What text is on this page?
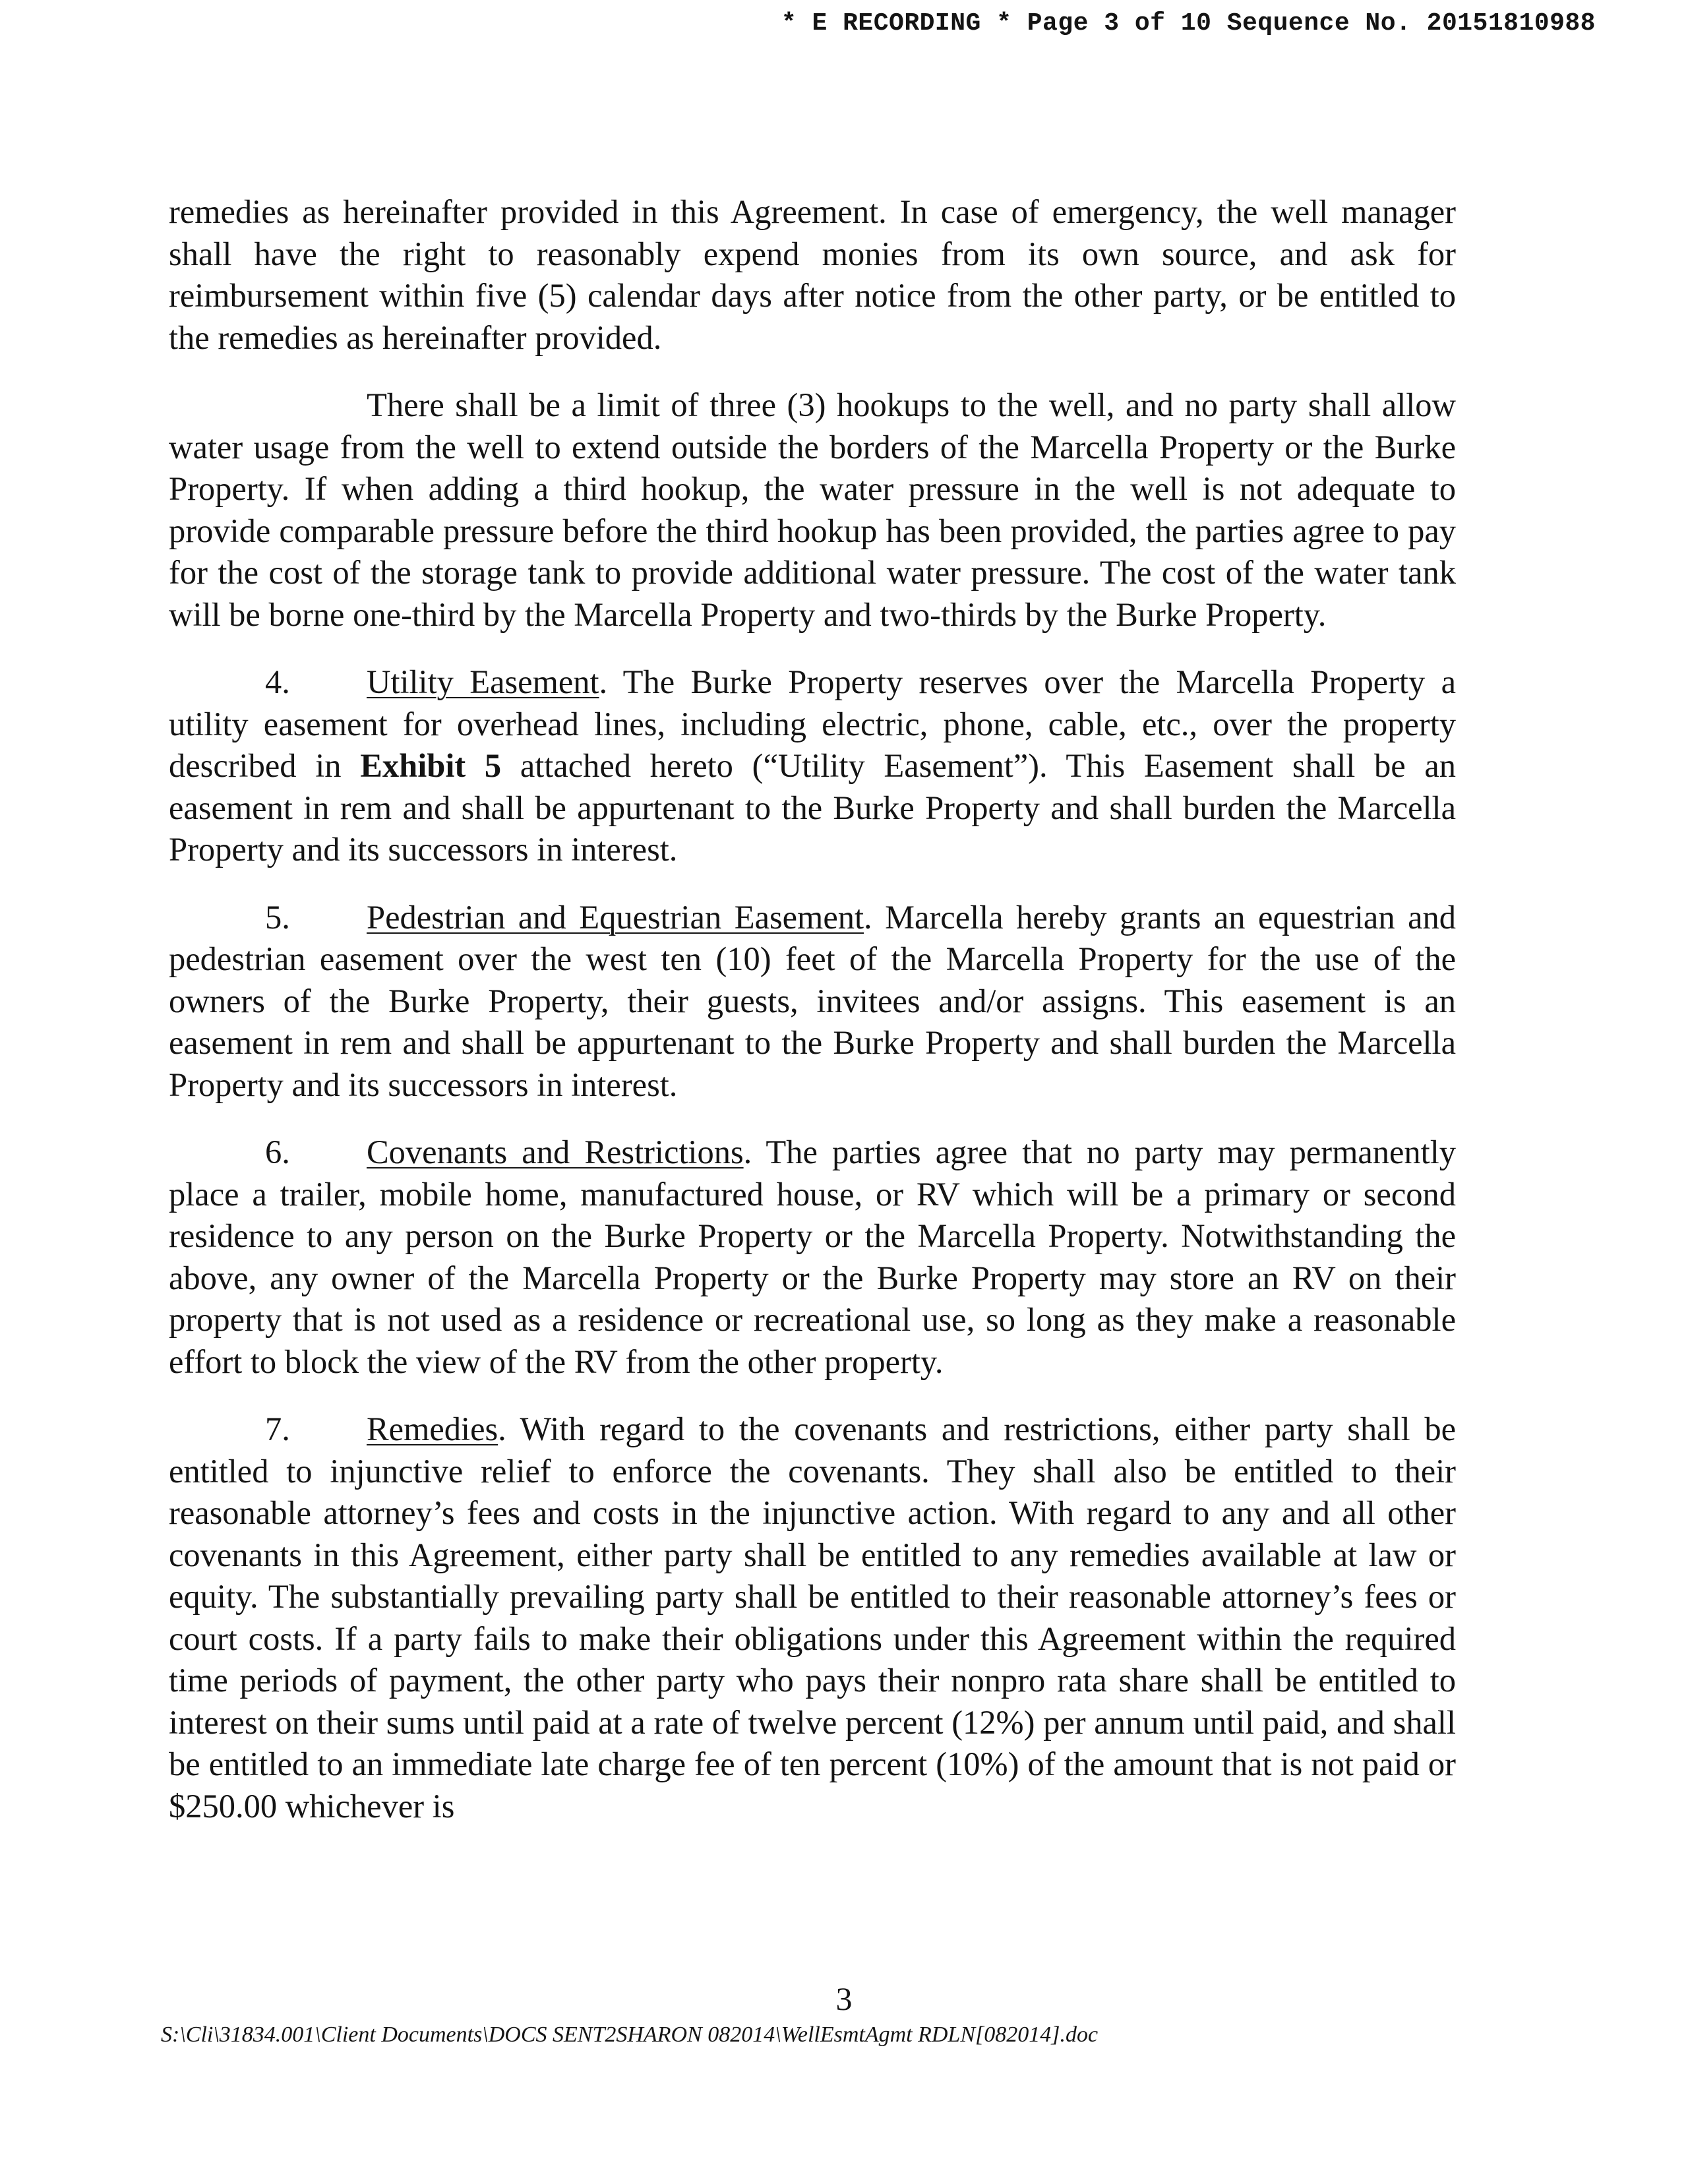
* E RECORDING * Page 3 of 10 Sequence No. 20151810988

remedies as hereinafter provided in this Agreement. In case of emergency, the well manager shall have the right to reasonably expend monies from its own source, and ask for reimbursement within five (5) calendar days after notice from the other party, or be entitled to the remedies as hereinafter provided.

There shall be a limit of three (3) hookups to the well, and no party shall allow water usage from the well to extend outside the borders of the Marcella Property or the Burke Property. If when adding a third hookup, the water pressure in the well is not adequate to provide comparable pressure before the third hookup has been provided, the parties agree to pay for the cost of the storage tank to provide additional water pressure. The cost of the water tank will be borne one-third by the Marcella Property and two-thirds by the Burke Property.

4. Utility Easement. The Burke Property reserves over the Marcella Property a utility easement for overhead lines, including electric, phone, cable, etc., over the property described in Exhibit 5 attached hereto (“Utility Easement”). This Easement shall be an easement in rem and shall be appurtenant to the Burke Property and shall burden the Marcella Property and its successors in interest.

5. Pedestrian and Equestrian Easement. Marcella hereby grants an equestrian and pedestrian easement over the west ten (10) feet of the Marcella Property for the use of the owners of the Burke Property, their guests, invitees and/or assigns. This easement is an easement in rem and shall be appurtenant to the Burke Property and shall burden the Marcella Property and its successors in interest.

6. Covenants and Restrictions. The parties agree that no party may permanently place a trailer, mobile home, manufactured house, or RV which will be a primary or second residence to any person on the Burke Property or the Marcella Property. Notwithstanding the above, any owner of the Marcella Property or the Burke Property may store an RV on their property that is not used as a residence or recreational use, so long as they make a reasonable effort to block the view of the RV from the other property.

7. Remedies. With regard to the covenants and restrictions, either party shall be entitled to injunctive relief to enforce the covenants. They shall also be entitled to their reasonable attorney’s fees and costs in the injunctive action. With regard to any and all other covenants in this Agreement, either party shall be entitled to any remedies available at law or equity. The substantially prevailing party shall be entitled to their reasonable attorney’s fees or court costs. If a party fails to make their obligations under this Agreement within the required time periods of payment, the other party who pays their nonpro rata share shall be entitled to interest on their sums until paid at a rate of twelve percent (12%) per annum until paid, and shall be entitled to an immediate late charge fee of ten percent (10%) of the amount that is not paid or $250.00 whichever is

3
S:\Cli\31834.001\Client Documents\DOCS SENT2SHARON 082014\WellEsmtAgmt RDLN[082014].doc
